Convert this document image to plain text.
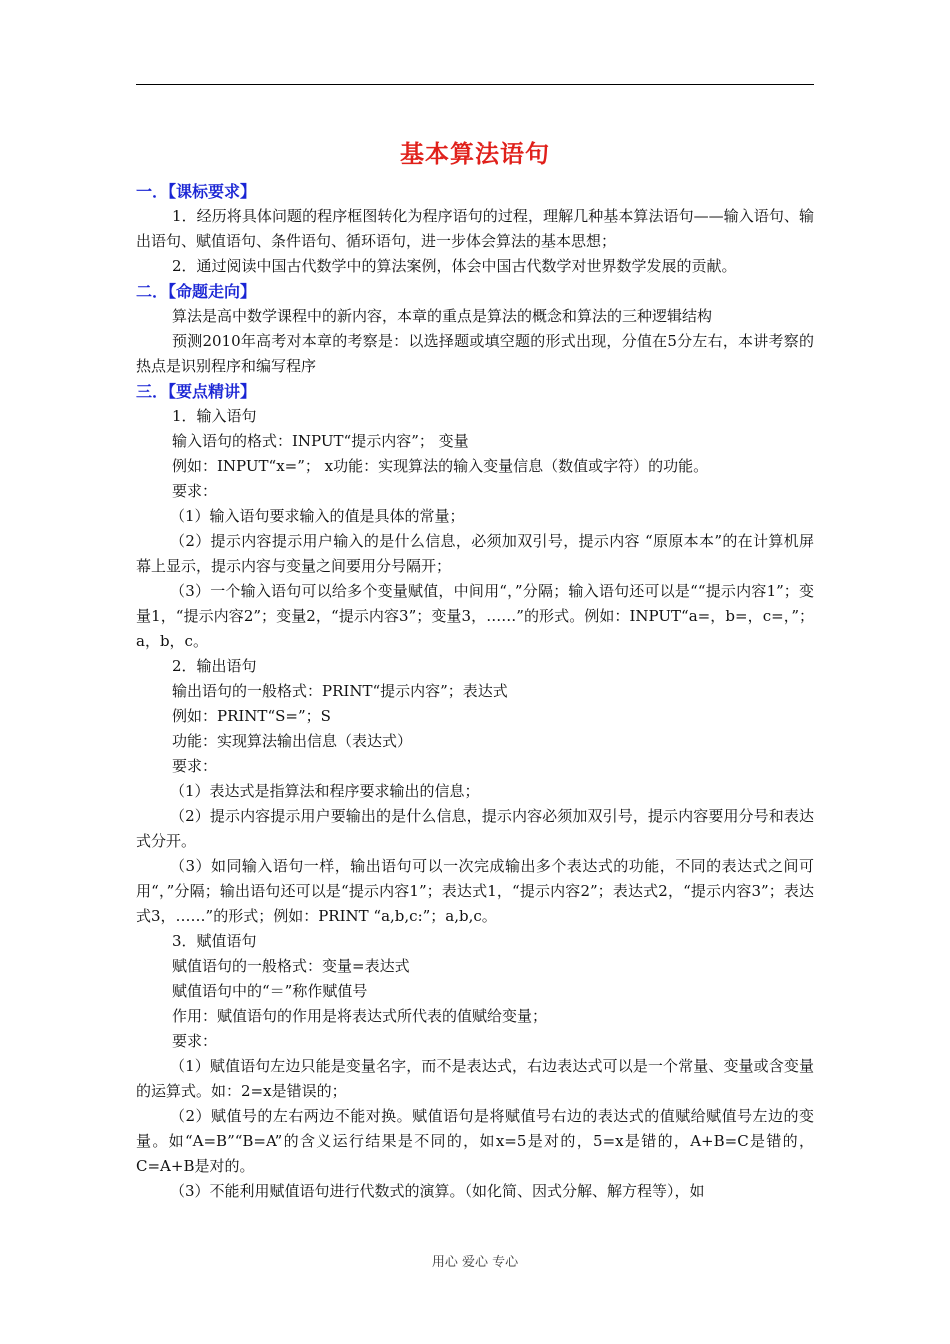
基本算法语句
一．【课标要求】

1．经历将具体问题的程序框图转化为程序语句的过程，理解几种基本算法语句——输入语句、输出语句、赋值语句、条件语句、循环语句，进一步体会算法的基本思想；

2．通过阅读中国古代数学中的算法案例，体会中国古代数学对世界数学发展的贡献。

二．【命题走向】

算法是高中数学课程中的新内容，本章的重点是算法的概念和算法的三种逻辑结构

预测2010年高考对本章的考察是：以选择题或填空题的形式出现，分值在5分左右，本讲考察的热点是识别程序和编写程序

三．【要点精讲】

1．输入语句

输入语句的格式：INPUT“提示内容”； 变量

例如：INPUT“x=”； x功能：实现算法的输入变量信息（数值或字符）的功能。

要求：

（1）输入语句要求输入的值是具体的常量；

（2）提示内容提示用户输入的是什么信息，必须加双引号，提示内容 “原原本本”的在计算机屏幕上显示，提示内容与变量之间要用分号隔开；

（3）一个输入语句可以给多个变量赋值，中间用“，”分隔；输入语句还可以是““提示内容1”；变量1，“提示内容2”；变量2，“提示内容3”；变量3，……”的形式。例如：INPUT“a=，b=，c=，”；a，b，c。

2．输出语句

输出语句的一般格式：PRINT“提示内容”；表达式

例如：PRINT“S=”；S

功能：实现算法输出信息（表达式）

要求：

（1）表达式是指算法和程序要求输出的信息；

（2）提示内容提示用户要输出的是什么信息，提示内容必须加双引号，提示内容要用分号和表达式分开。

（3）如同输入语句一样，输出语句可以一次完成输出多个表达式的功能，不同的表达式之间可用“，”分隔；输出语句还可以是“提示内容1”；表达式1，“提示内容2”；表达式2，“提示内容3”；表达式3，……”的形式；例如：PRINT “a,b,c:”；a,b,c。

3．赋值语句

赋值语句的一般格式：变量=表达式

赋值语句中的“＝”称作赋值号

作用：赋值语句的作用是将表达式所代表的值赋给变量；

要求：

（1）赋值语句左边只能是变量名字，而不是表达式，右边表达式可以是一个常量、变量或含变量的运算式。如：2=x是错误的；

（2）赋值号的左右两边不能对换。赋值语句是将赋值号右边的表达式的值赋给赋值号左边的变量。如“A=B”“B=A”的含义运行结果是不同的，如x=5是对的，5=x是错的，A+B=C是错的，C=A+B是对的。

（3）不能利用赋值语句进行代数式的演算。（如化简、因式分解、解方程等），如

用心 爱心 专心
